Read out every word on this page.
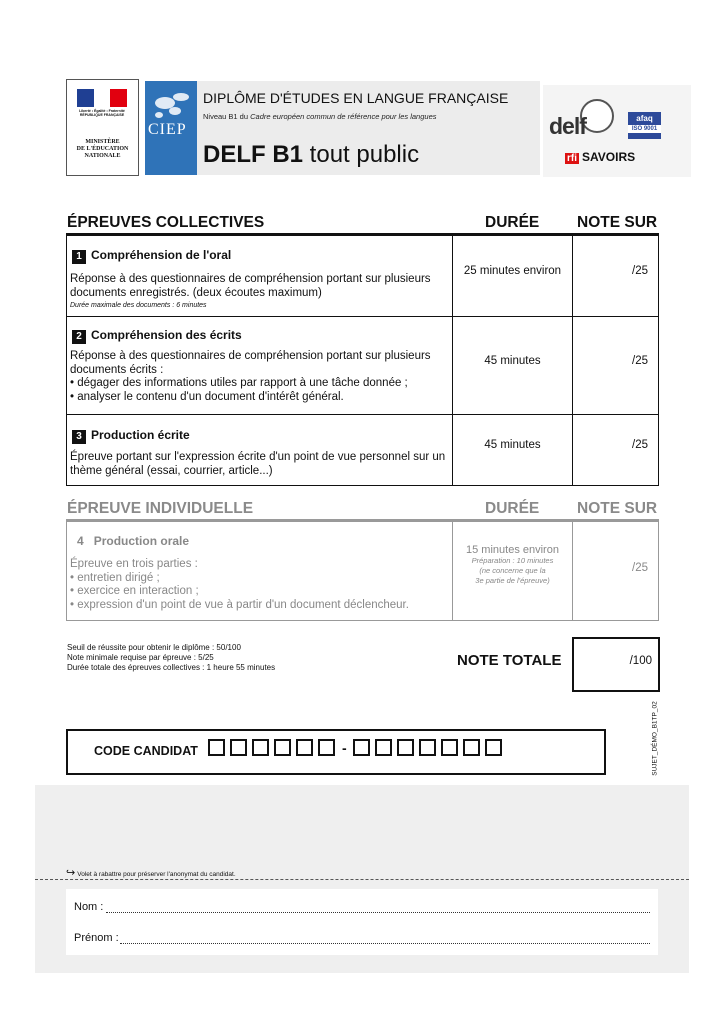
Liberté • Égalité • Fraternité
RÉPUBLIQUE FRANÇAISE
MINISTÈRE
DE L'ÉDUCATION
NATIONALE
CIEP
DIPLÔME D'ÉTUDES EN LANGUE FRANÇAISE
Niveau B1 du Cadre européen commun de référence pour les langues
DELF B1 tout public
delf	afaq
ISO 9001
rfi SAVOIRS
ÉPREUVES COLLECTIVES	DURÉE NOTE SUR
1 Compréhension de l'oral
Réponse à des questionnaires de compréhension portant sur plusieurs
documents enregistrés. (deux écoutes maximum)
Durée maximale des documents : 6 minutes
25 minutes environ	/25
2 Compréhension des écrits
Réponse à des questionnaires de compréhension portant sur plusieurs
documents écrits :
• dégager des informations utiles par rapport à une tâche donnée ;
• analyser le contenu d'un document d'intérêt général.
45 minutes	/25
3 Production écrite
Épreuve portant sur l'expression écrite d'un point de vue personnel sur un
thème général (essai, courrier, article...)
45 minutes	/25
ÉPREUVE INDIVIDUELLE	DURÉE NOTE SUR
4 Production orale
Épreuve en trois parties :
• entretien dirigé ;
• exercice en interaction ;
• expression d'un point de vue à partir d'un document déclencheur.
15 minutes environ
Préparation : 10 minutes
(ne concerne que la
3e partie de l'épreuve)
/25
Seuil de réussite pour obtenir le diplôme : 50/100
Note minimale requise par épreuve : 5/25
Durée totale des épreuves collectives : 1 heure 55 minutes	NOTE TOTALE	/100
SUJET_DÉMO_B1TP_02
CODE CANDIDAT	-
↪ Volet à rabattre pour préserver l'anonymat du candidat.
Nom :
Prénom :
